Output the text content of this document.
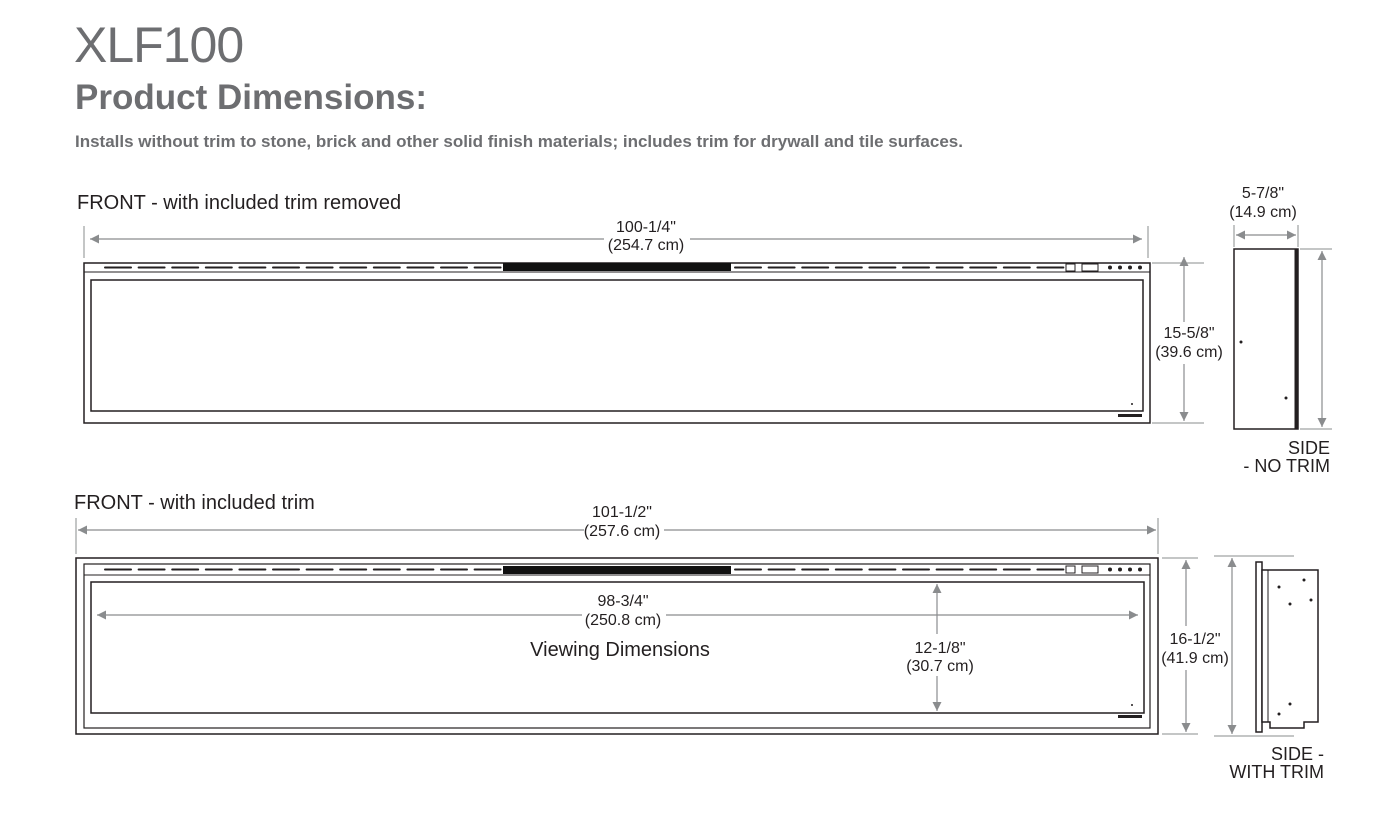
XLF100
Product Dimensions:

Installs without trim to stone, brick and other solid finish materials; includes trim for drywall and tile surfaces.

FRONT - with included trim removed
100-1/4"
(254.7 cm)
15-5/8"
(39.6 cm)
5-7/8"
(14.9 cm)
SIDE
- NO TRIM
FRONT - with included trim	101-1/2"
(257.6 cm)
98-3/4"
(250.8 cm)
Viewing Dimensions	12-1/8"
(30.7 cm)
16-1/2"
(41.9 cm)
SIDE -
WITH TRIM
